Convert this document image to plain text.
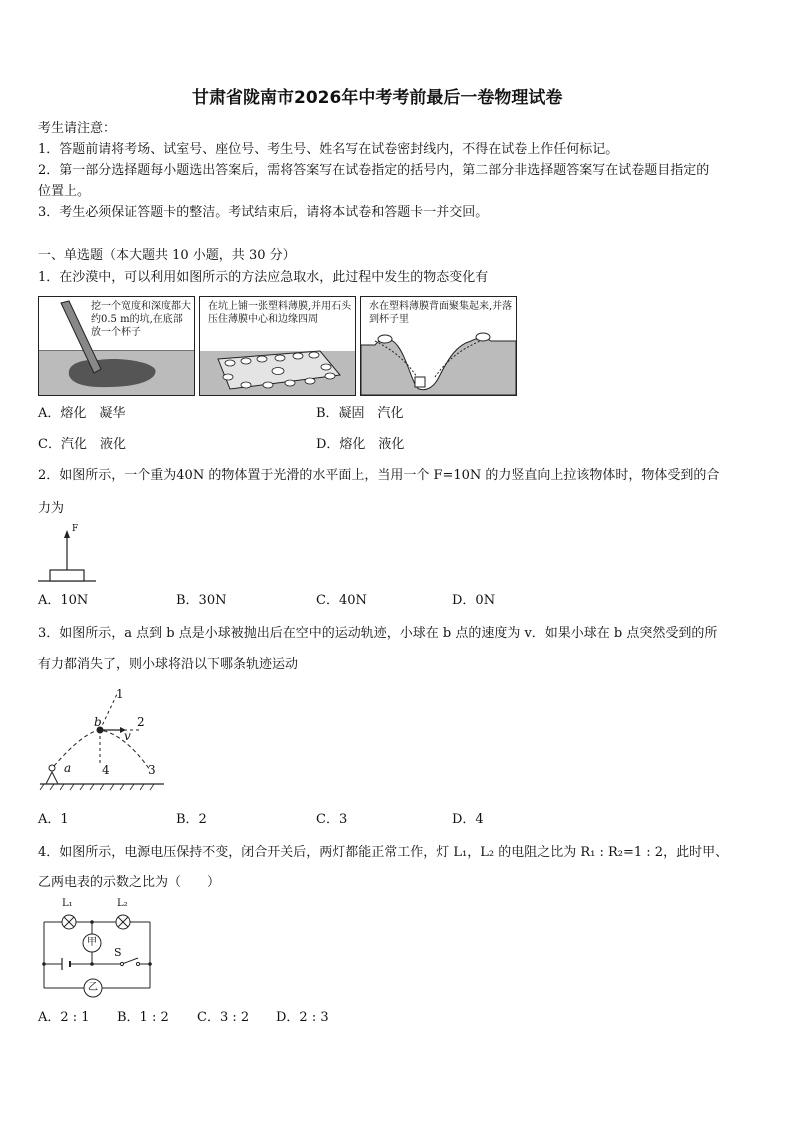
甘肃省陇南市2026年中考考前最后一卷物理试卷
考生请注意：
1．答题前请将考场、试室号、座位号、考生号、姓名写在试卷密封线内，不得在试卷上作任何标记。
2．第一部分选择题每小题选出答案后，需将答案写在试卷指定的括号内，第二部分非选择题答案写在试卷题目指定的
位置上。
3．考生必须保证答题卡的整洁。考试结束后，请将本试卷和答题卡一并交回。
一、单选题（本大题共 10 小题，共 30 分）
1．在沙漠中，可以利用如图所示的方法应急取水，此过程中发生的物态变化有
挖一个宽度和深度都大约0.5 m的坑,在底部放一个杯子
在坑上铺一张塑料薄膜,并用石头压住薄膜中心和边缘四周
水在塑料薄膜背面聚集起来,并落到杯子里
A．熔化　凝华	B．凝固　汽化
C．汽化　液化	D．熔化　液化
2．如图所示，一个重为40N 的物体置于光滑的水平面上，当用一个 F=10N 的力竖直向上拉该物体时，物体受到的合
力为
F
A．10N	B．30N	C．40N	D．0N
3．如图所示，a 点到 b 点是小球被抛出后在空中的运动轨迹，小球在 b 点的速度为 v．如果小球在 b 点突然受到的所
有力都消失了，则小球将沿以下哪条轨迹运动
1
2
3
4
a
b
v
A．1	B．2	C．3	D．4
4．如图所示，电源电压保持不变，闭合开关后，两灯都能正常工作，灯 L₁，L₂ 的电阻之比为 R₁ : R₂=1 : 2，此时甲、
乙两电表的示数之比为（　　）
L₁	L₂
甲
乙
S
A．2 : 1 B．1 : 2 C．3 : 2 D．2 : 3
